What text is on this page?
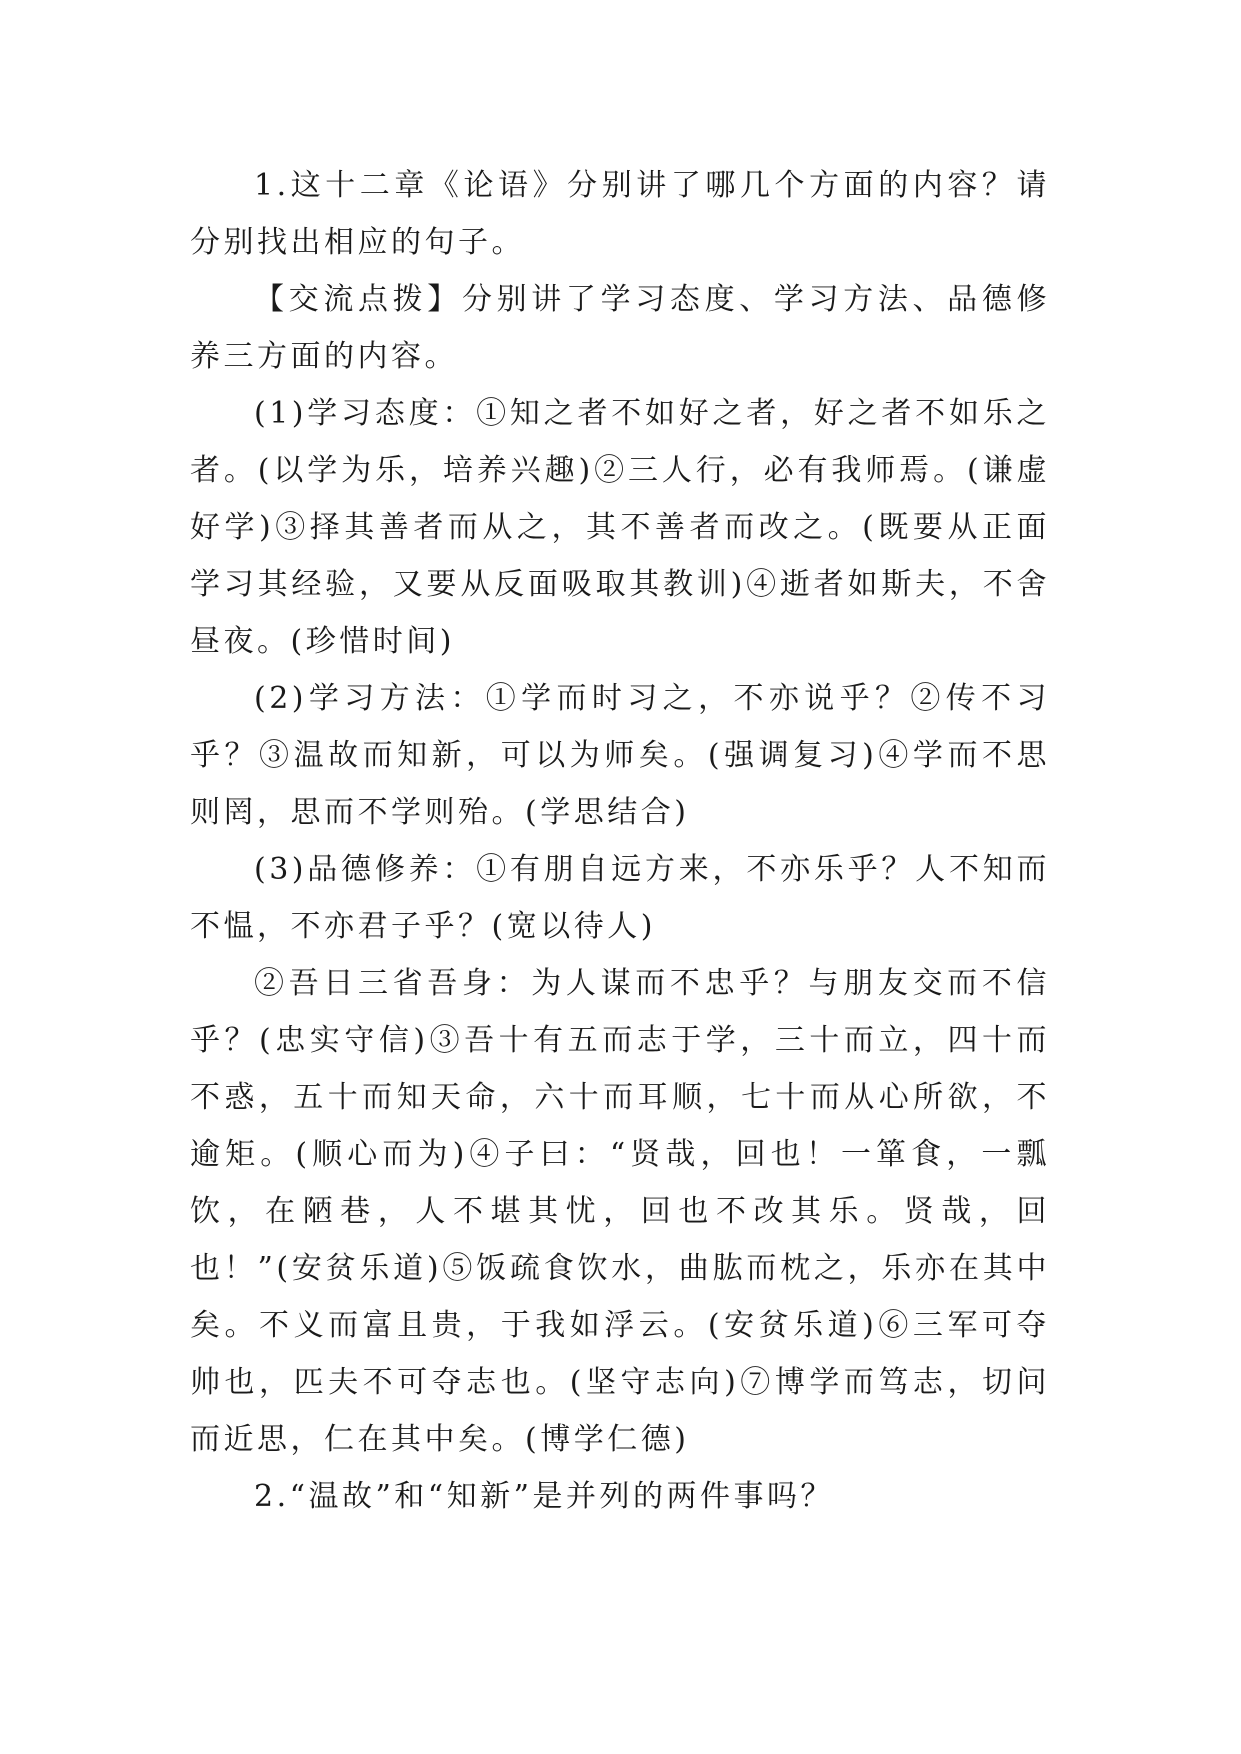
1.这十二章《论语》分别讲了哪几个方面的内容？请分别找出相应的句子。

【交流点拨】分别讲了学习态度、学习方法、品德修养三方面的内容。

(1)学习态度：①知之者不如好之者，好之者不如乐之者。(以学为乐，培养兴趣)②三人行，必有我师焉。(谦虚好学)③择其善者而从之，其不善者而改之。(既要从正面学习其经验，又要从反面吸取其教训)④逝者如斯夫，不舍昼夜。(珍惜时间)

(2)学习方法：①学而时习之，不亦说乎？②传不习乎？③温故而知新，可以为师矣。(强调复习)④学而不思则罔，思而不学则殆。(学思结合)

(3)品德修养：①有朋自远方来，不亦乐乎？人不知而不愠，不亦君子乎？(宽以待人)

②吾日三省吾身：为人谋而不忠乎？与朋友交而不信乎？(忠实守信)③吾十有五而志于学，三十而立，四十而不惑，五十而知天命，六十而耳顺，七十而从心所欲，不逾矩。(顺心而为)④子曰：“贤哉，回也！一箪食，一瓢饮，在陋巷，人不堪其忧，回也不改其乐。贤哉，回也！”(安贫乐道)⑤饭疏食饮水，曲肱而枕之，乐亦在其中矣。不义而富且贵，于我如浮云。(安贫乐道)⑥三军可夺帅也，匹夫不可夺志也。(坚守志向)⑦博学而笃志，切问而近思，仁在其中矣。(博学仁德)

2.“温故”和“知新”是并列的两件事吗？
